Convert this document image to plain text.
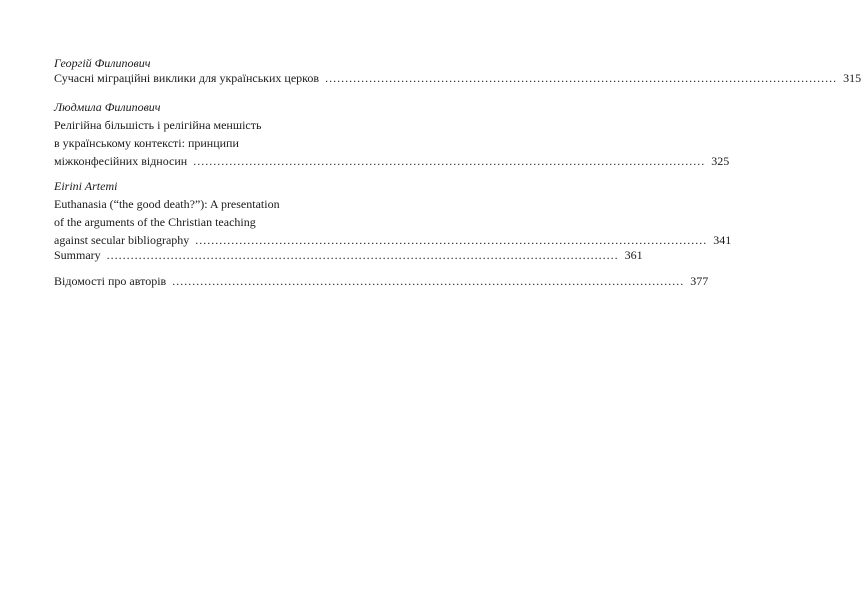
Георгій Филипович
Сучасні міграційні виклики для українських церков ................................................................................................................................ 315
Людмила Филипович
Релігійна більшість і релігійна меншість
в українському контексті: принципи
міжконфесійних відносин ................................................................................................................................ 325
Eirini Artemi
Euthanasia (“the good death?”): A presentation
of the arguments of the Christian teaching
against secular bibliography ................................................................................................................................ 341
Summary ................................................................................................................................ 361
Відомості про авторів ................................................................................................................................ 377
